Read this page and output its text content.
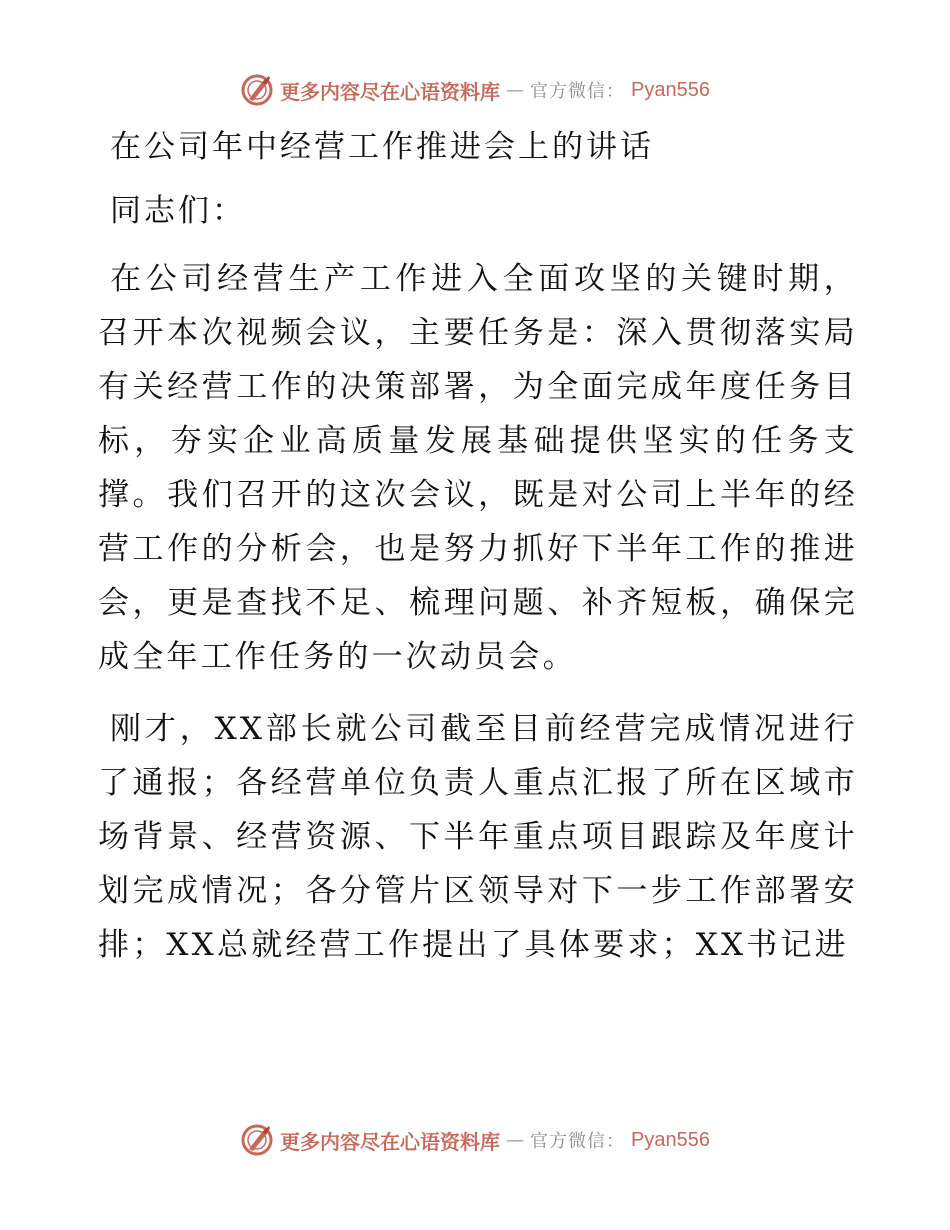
更多内容尽在心语资料库 — 官方微信： Pyan556
在公司年中经营工作推进会上的讲话

同志们：

在公司经营生产工作进入全面攻坚的关键时期，召开本次视频会议，主要任务是：深入贯彻落实局有关经营工作的决策部署，为全面完成年度任务目标，夯实企业高质量发展基础提供坚实的任务支撑。我们召开的这次会议，既是对公司上半年的经营工作的分析会，也是努力抓好下半年工作的推进会，更是查找不足、梳理问题、补齐短板，确保完成全年工作任务的一次动员会。

刚才，XX部长就公司截至目前经营完成情况进行了通报；各经营单位负责人重点汇报了所在区域市场背景、经营资源、下半年重点项目跟踪及年度计划完成情况；各分管片区领导对下一步工作部署安排；XX总就经营工作提出了具体要求；XX书记进

更多内容尽在心语资料库 — 官方微信： Pyan556
